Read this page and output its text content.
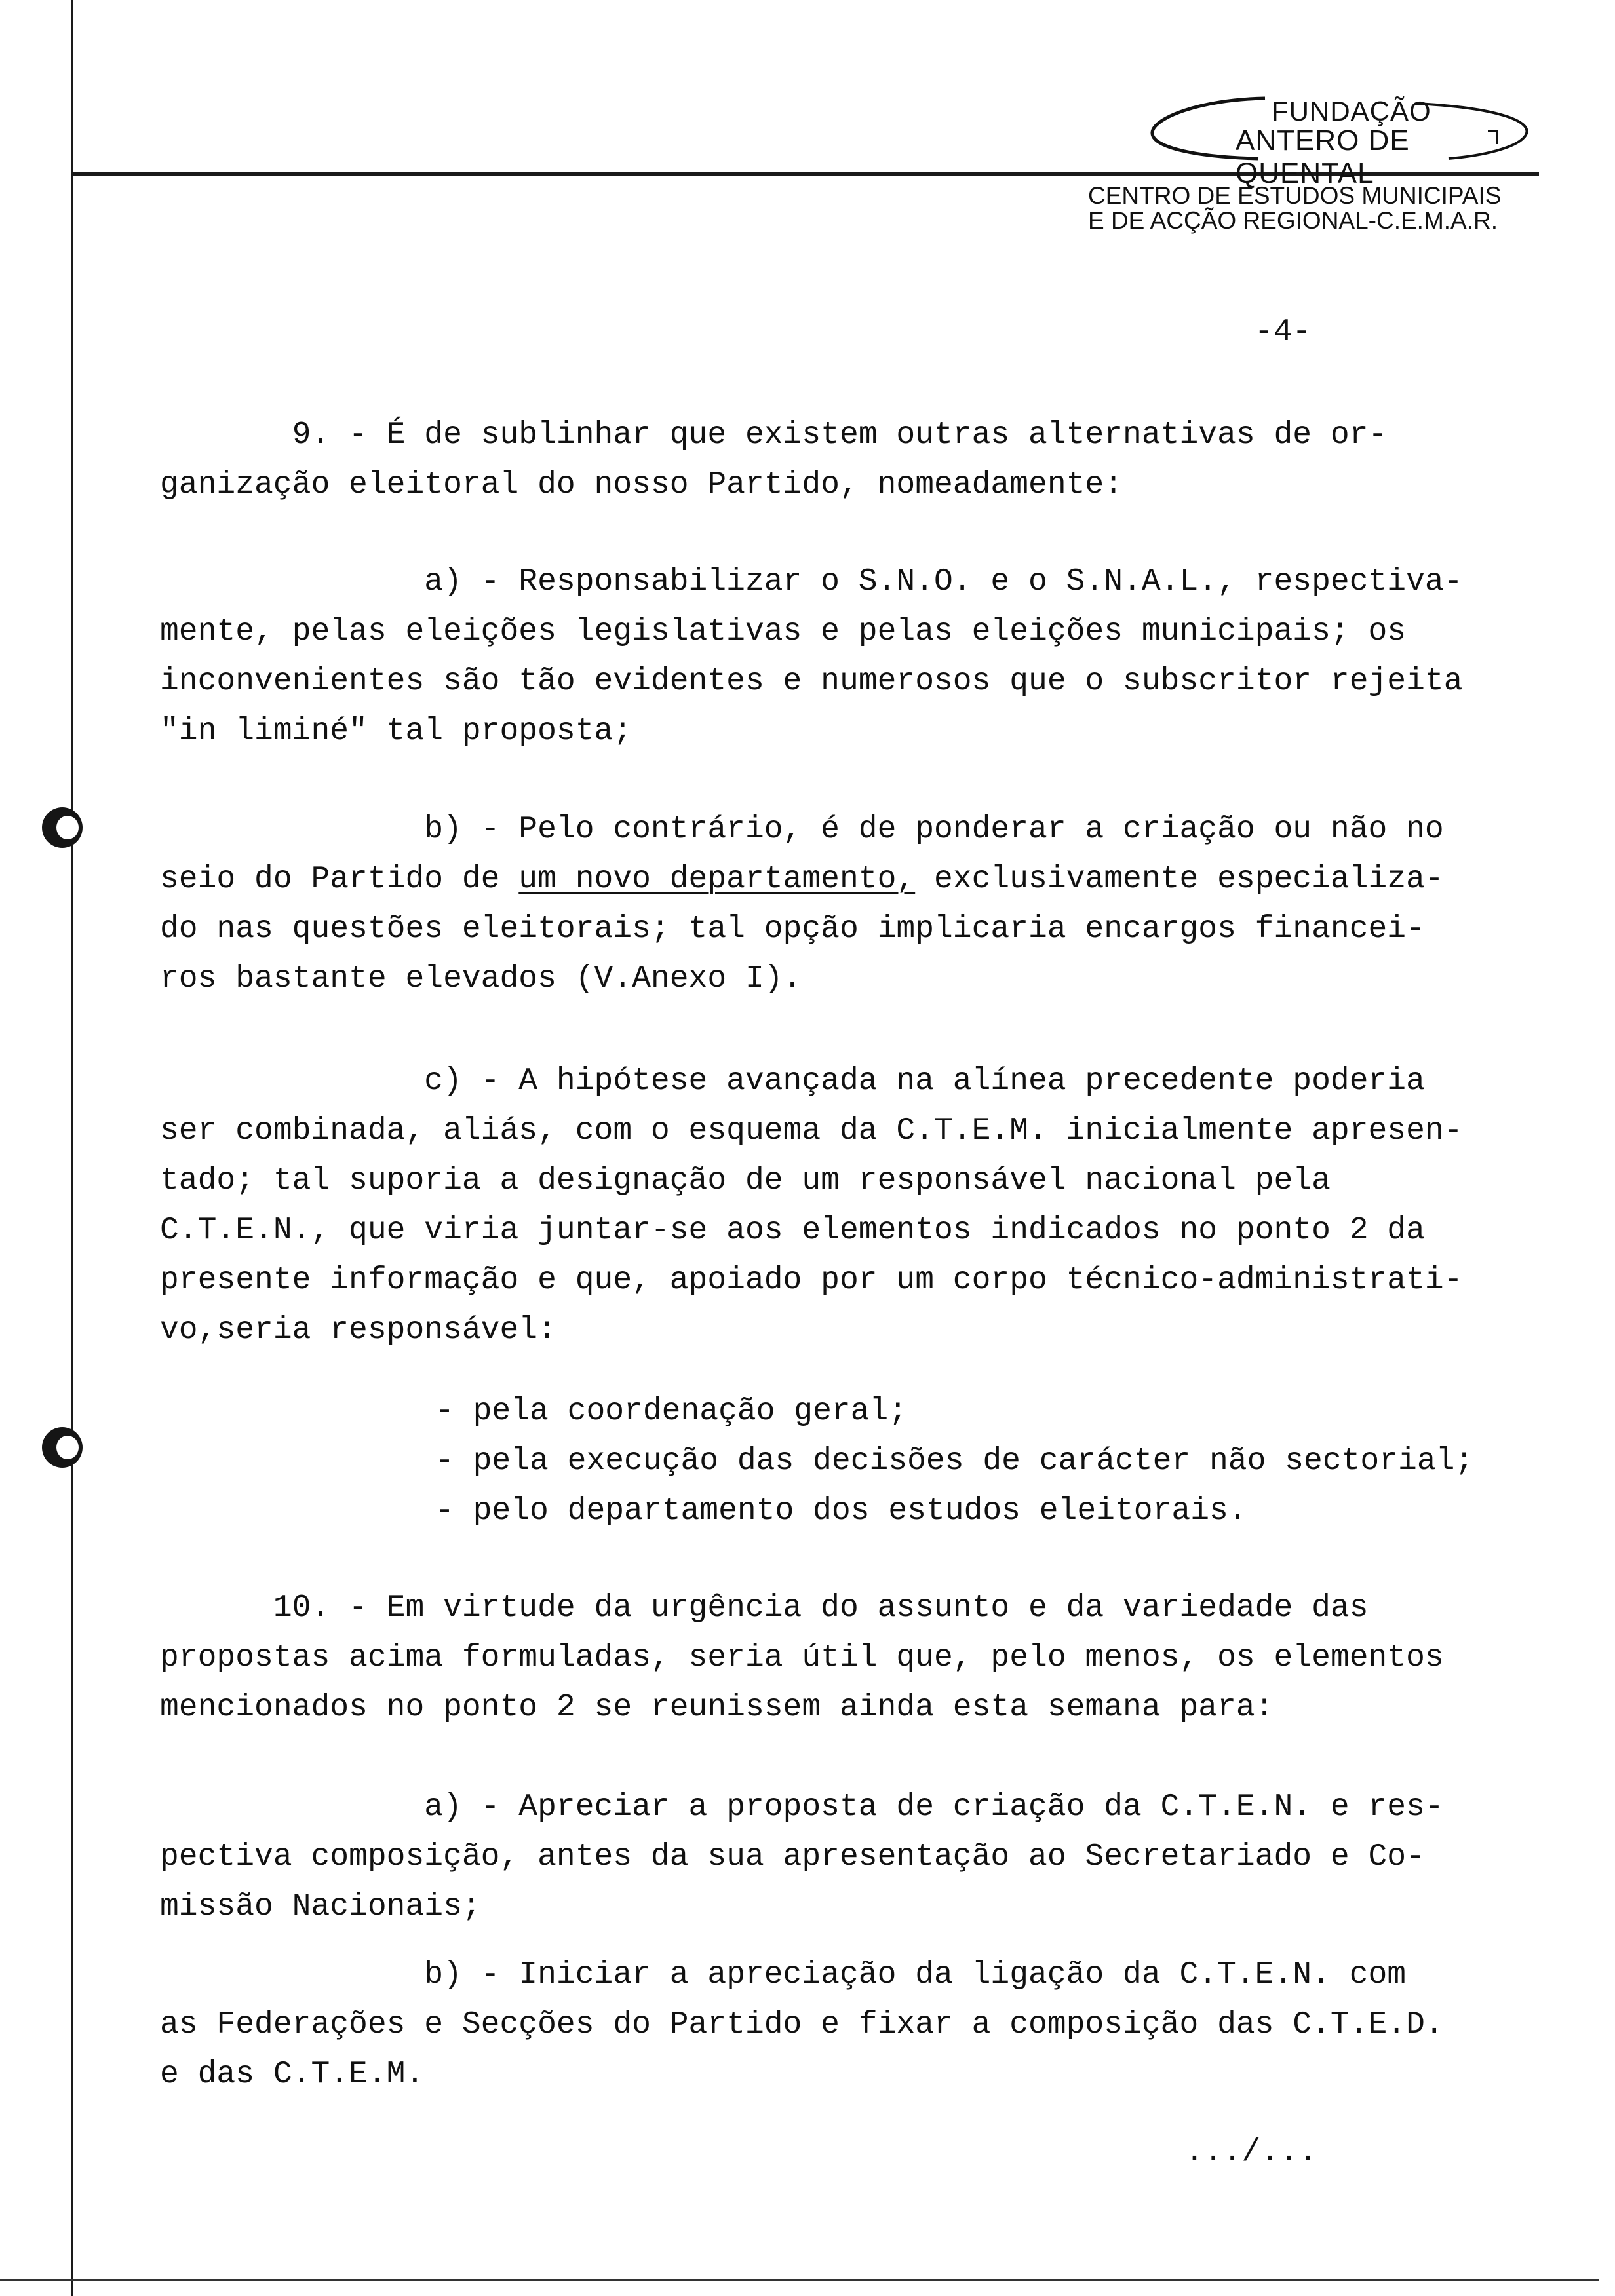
FUNDAÇÃO
ANTERO DE QUENTAL
CENTRO DE ESTUDOS MUNICIPAIS
E DE ACÇÃO REGIONAL-C.E.M.A.R.
-4-
9. - É de sublinhar que existem outras alternativas de or-
ganização eleitoral do nosso Partido, nomeadamente:
a) - Responsabilizar o S.N.O. e o S.N.A.L., respectiva-
mente, pelas eleições legislativas e pelas eleições municipais; os
inconvenientes são tão evidentes e numerosos que o subscritor rejeita
"in liminé" tal proposta;
b) - Pelo contrário, é de ponderar a criação ou não no
seio do Partido de um novo departamento, exclusivamente especializa-
do nas questões eleitorais; tal opção implicaria encargos financei-
ros bastante elevados (V.Anexo I).
c) - A hipótese avançada na alínea precedente poderia
ser combinada, aliás, com o esquema da C.T.E.M. inicialmente apresen-
tado; tal suporia a designação de um responsável nacional pela
C.T.E.N., que viria juntar-se aos elementos indicados no ponto 2 da
presente informação e que, apoiado por um corpo técnico-administrati-
vo,seria responsável:
- pela coordenação geral;
- pela execução das decisões de carácter não sectorial;
- pelo departamento dos estudos eleitorais.
10. - Em virtude da urgência do assunto e da variedade das
propostas acima formuladas, seria útil que, pelo menos, os elementos
mencionados no ponto 2 se reunissem ainda esta semana para:
a) - Apreciar a proposta de criação da C.T.E.N. e res-
pectiva composição, antes da sua apresentação ao Secretariado e Co-
missão Nacionais;
b) - Iniciar a apreciação da ligação da C.T.E.N. com
as Federações e Secções do Partido e fixar a composição das C.T.E.D.
e das C.T.E.M.
.../...
